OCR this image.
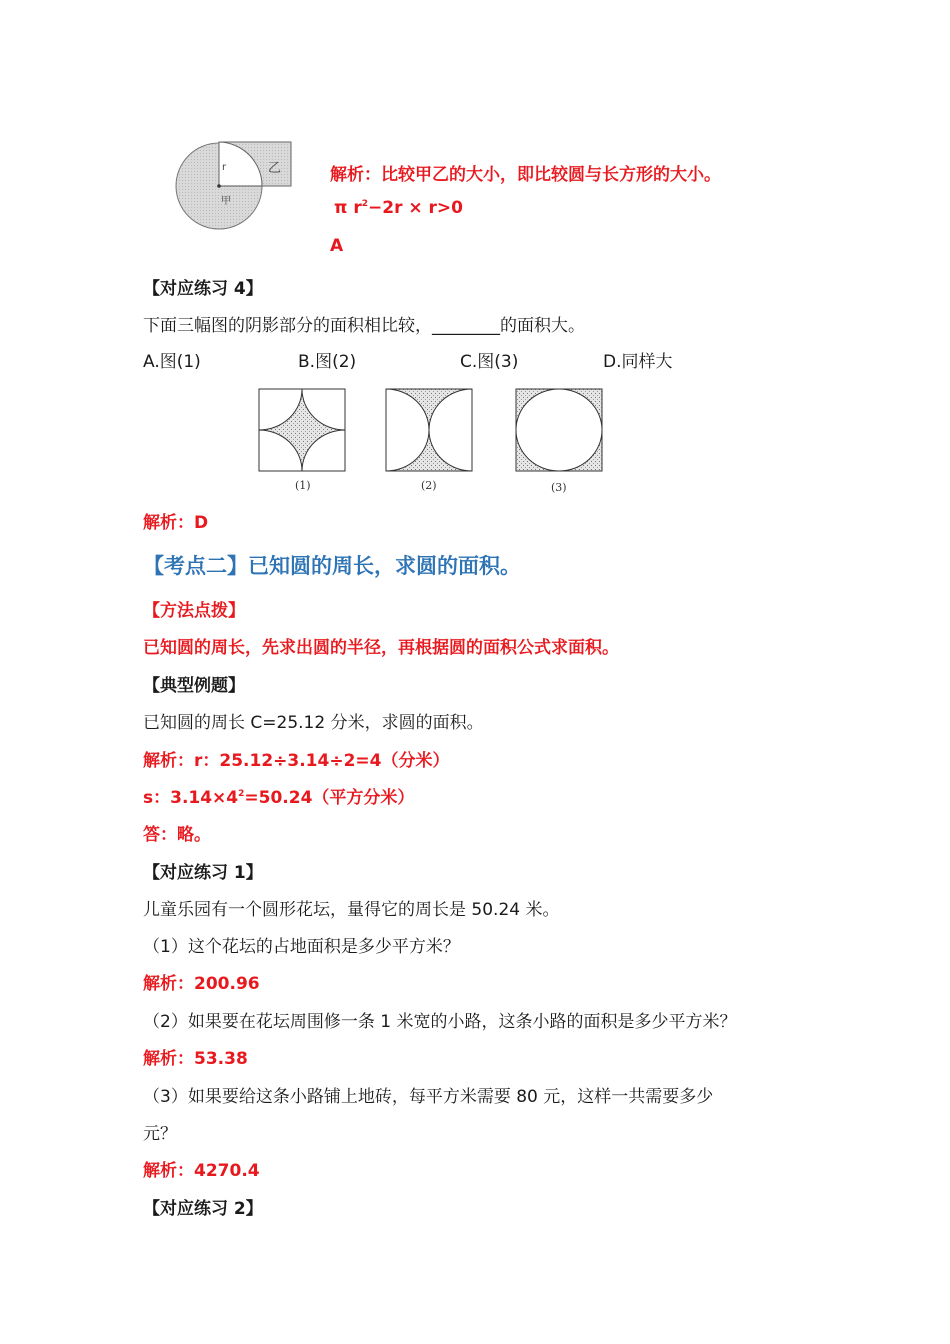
r	乙
甲
解析：比较甲乙的大小，即比较圆与长方形的大小。
π $r^2-2r \times r>0$
A
【对应练习 4】
下面三幅图的阴影部分的面积相比较，________的面积大。
A.图(1)	B.图(2)	C.图(3)	D.同样大
(1)	(2)	(3)
解析：D
【考点二】已知圆的周长，求圆的面积。
【方法点拨】
已知圆的周长，先求出圆的半径，再根据圆的面积公式求面积。
【典型例题】
已知圆的周长 C=25.12 分米，求圆的面积。
解析：r：25.12÷3.14÷2=4（分米）
s：$3.14\times 4^2=50.24$（平方分米）
答：略。
【对应练习 1】
儿童乐园有一个圆形花坛，量得它的周长是 50.24 米。
（1）这个花坛的占地面积是多少平方米？
解析：200.96
（2）如果要在花坛周围修一条 1 米宽的小路，这条小路的面积是多少平方米？
解析：53.38
（3）如果要给这条小路铺上地砖，每平方米需要 80 元，这样一共需要多少
元？
解析：4270.4
【对应练习 2】
